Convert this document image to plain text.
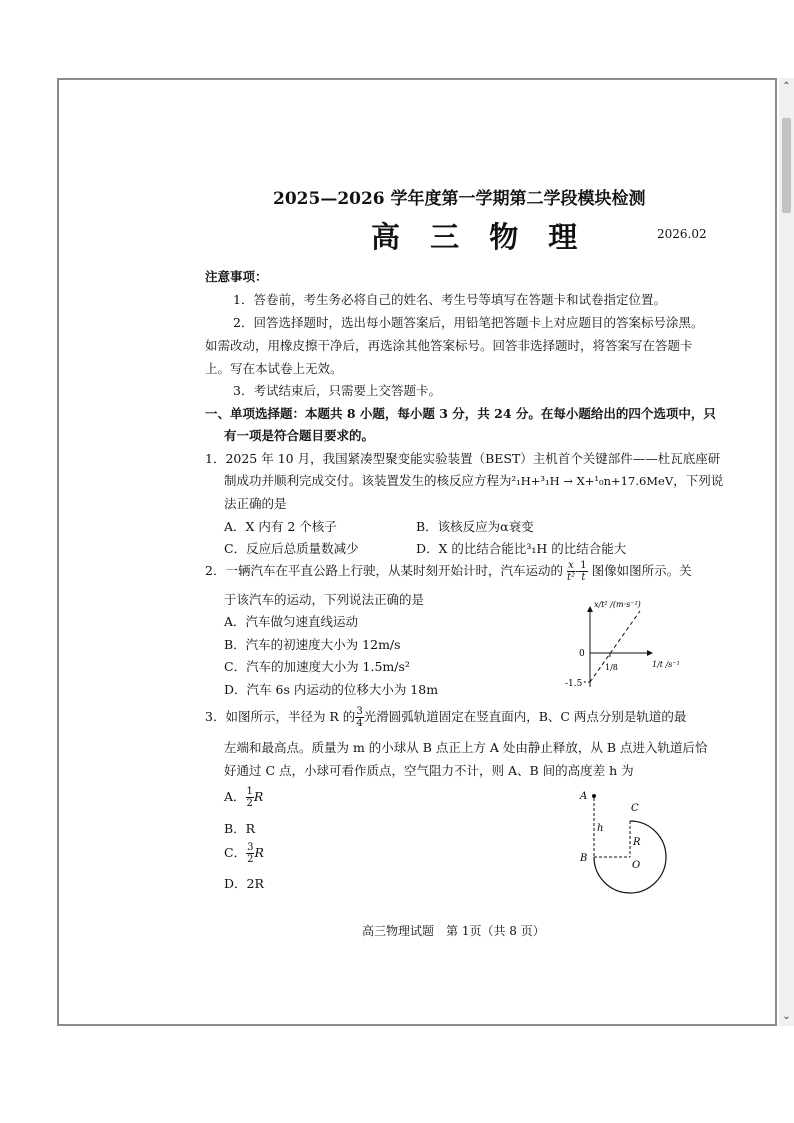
⌃
⌄
2025—2026 学年度第一学期第二学段模块检测
高 三 物 理	2026.02
注意事项：
1．答卷前，考生务必将自己的姓名、考生号等填写在答题卡和试卷指定位置。
2．回答选择题时，选出每小题答案后，用铅笔把答题卡上对应题目的答案标号涂黑。
如需改动，用橡皮擦干净后，再选涂其他答案标号。回答非选择题时，将答案写在答题卡
上。写在本试卷上无效。
3．考试结束后，只需要上交答题卡。
一、单项选择题：本题共 8 小题，每小题 3 分，共 24 分。在每小题给出的四个选项中，只
有一项是符合题目要求的。
1．2025 年 10 月，我国紧凑型聚变能实验装置（BEST）主机首个关键部件——杜瓦底座研
制成功并顺利完成交付。该装置发生的核反应方程为²₁H+³₁H → X+¹₀n+17.6MeV，下列说
法正确的是
A．X 内有 2 个核子	B．该核反应为α衰变
C．反应后总质量数减少	D．X 的比结合能比³₁H 的比结合能大
2．一辆汽车在平直公路上行驶，从某时刻开始计时，汽车运动的 $\frac{x}{\text{t²}} - \frac{1}{t}$ 图像如图所示。关
于该汽车的运动，下列说法正确的是
A．汽车做匀速直线运动
B．汽车的初速度大小为 12m/s
C．汽车的加速度大小为 1.5m/s²
D．汽车 6s 内运动的位移大小为 18m
x/t² /(m·s⁻²)
0
-1.5
1/8	1/t /s⁻¹
3．如图所示，半径为 R 的 $\frac{3}{4}$ 光滑圆弧轨道固定在竖直面内，B、C 两点分别是轨道的最
左端和最高点。质量为 m 的小球从 B 点正上方 A 处由静止释放，从 B 点进入轨道后恰
好通过 C 点，小球可看作质点，空气阻力不计，则 A、B 间的高度差 h 为
A． $\frac{1}{2}$ R
B．R
C． $\frac{3}{2}$ R
D．2R
A
B
C
O
h
R
高三物理试题　第 1页（共 8 页）
